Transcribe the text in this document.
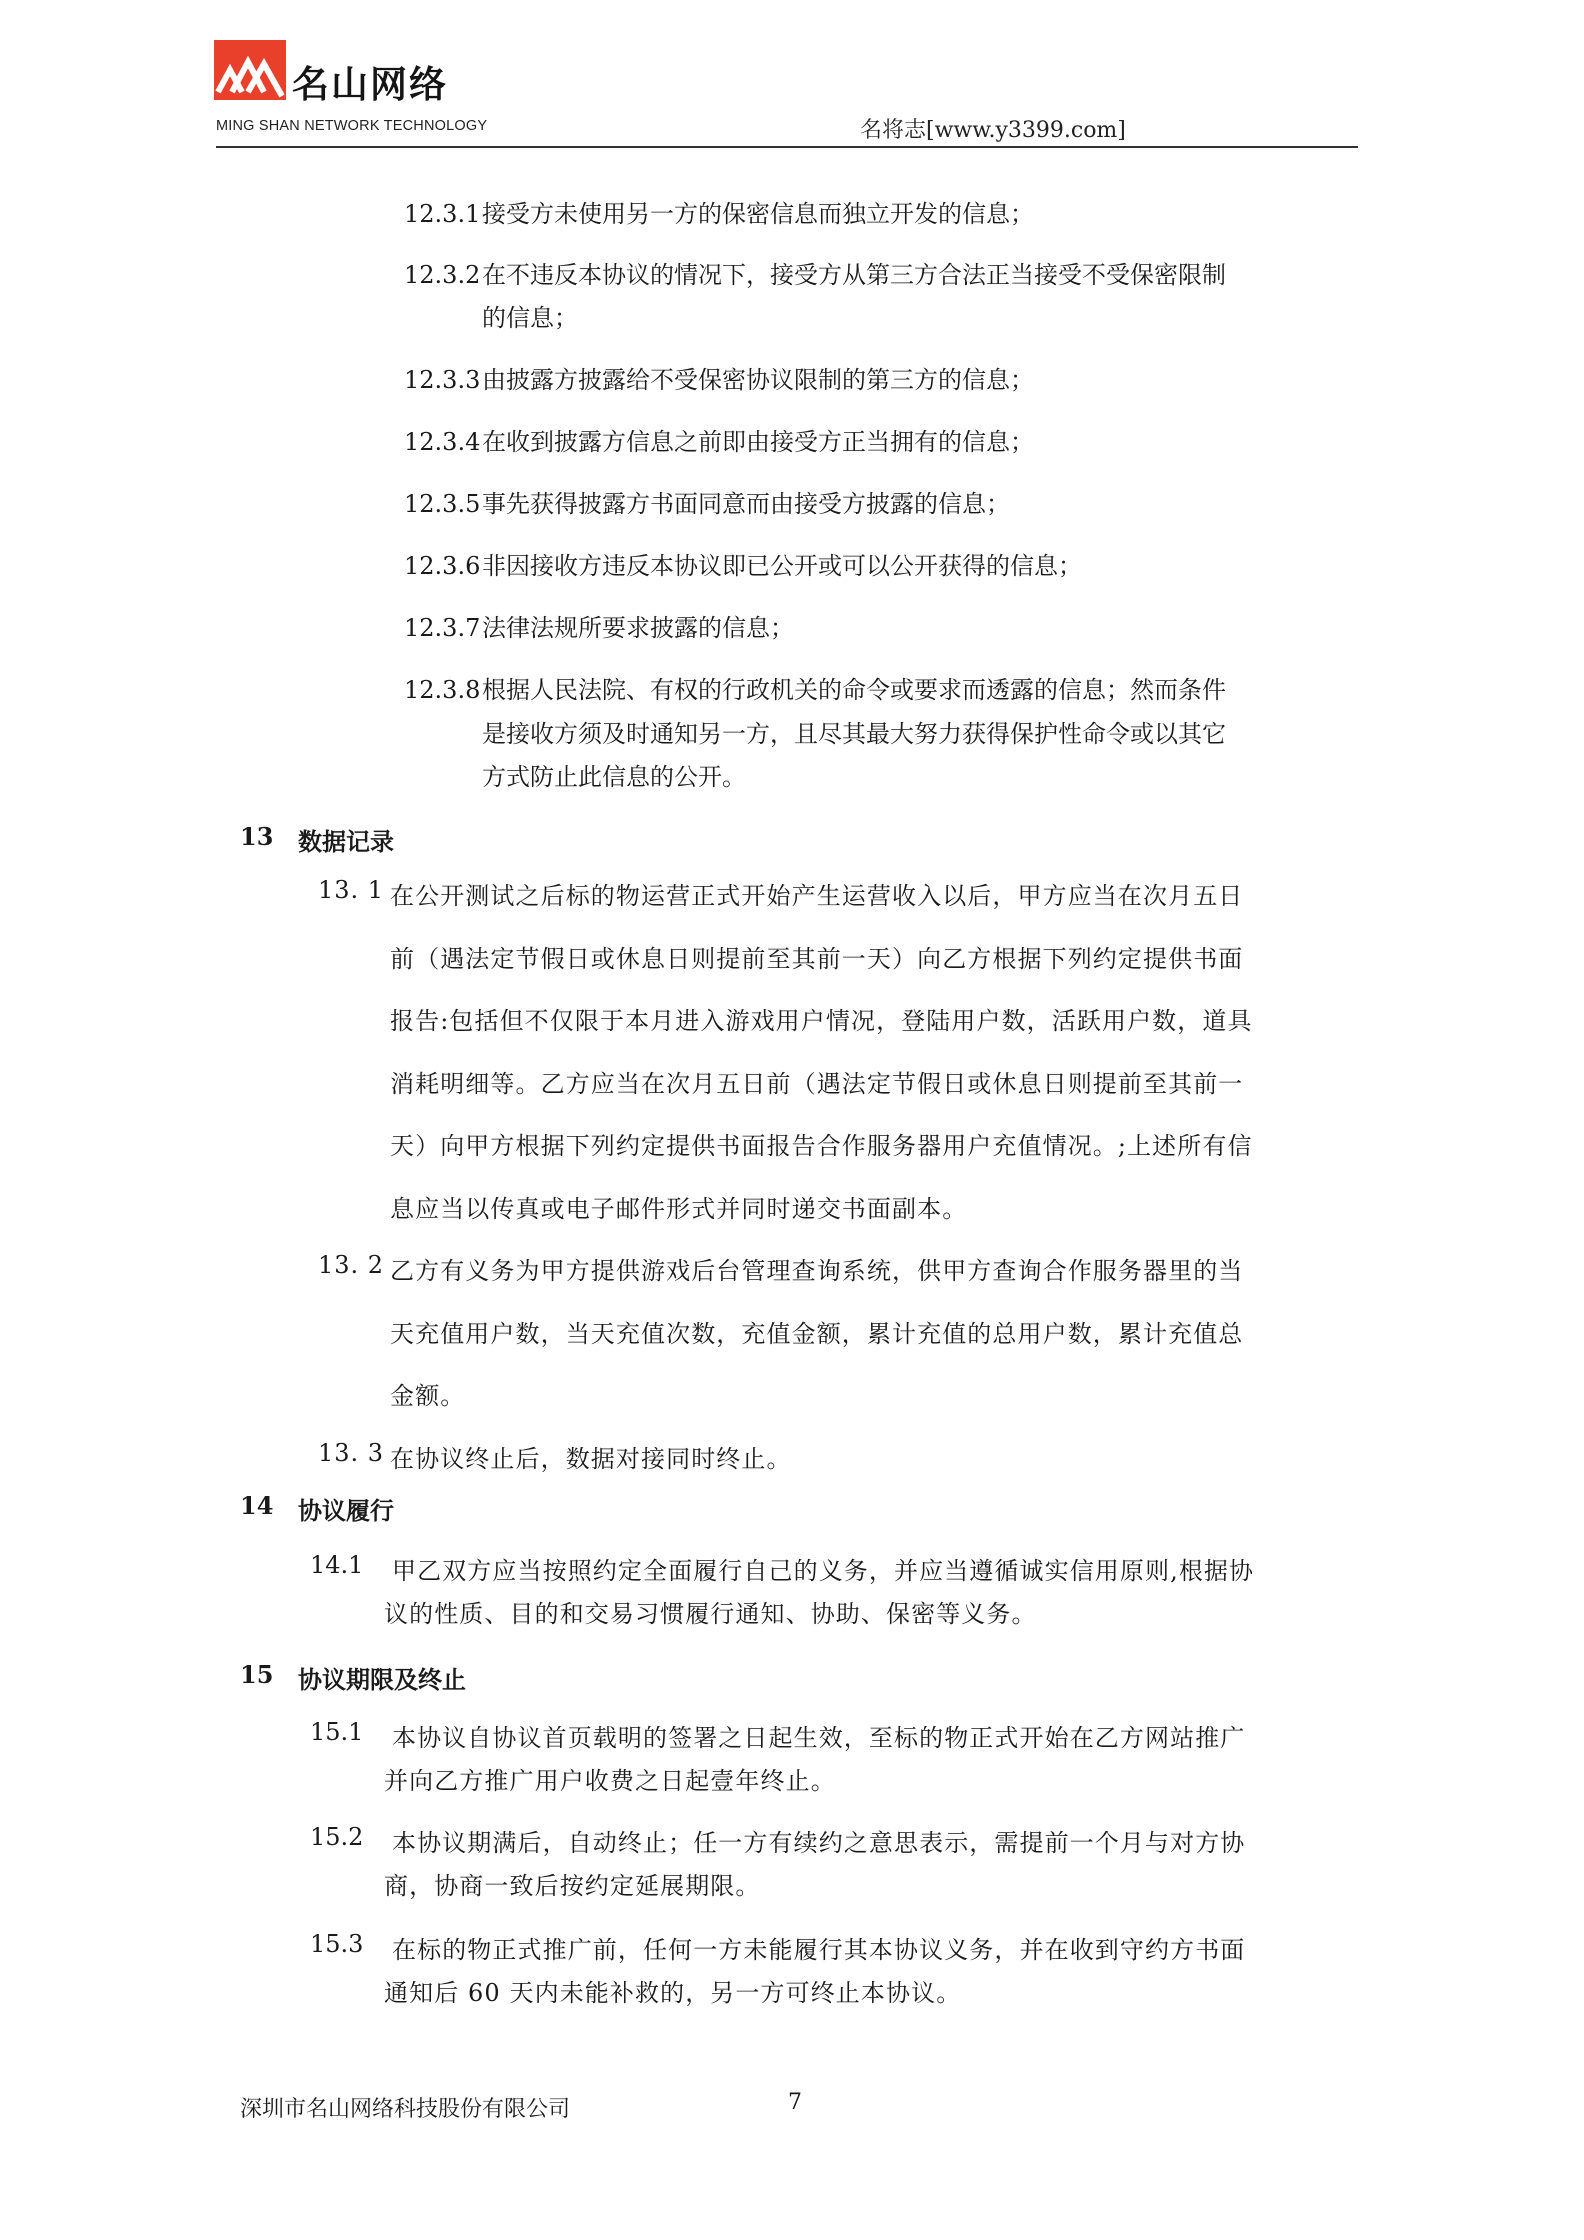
名山网络
MING SHAN NETWORK TECHNOLOGY	名将志[www.y3399.com]
12.3.1 接受方未使用另一方的保密信息而独立开发的信息；
12.3.2 在不违反本协议的情况下，接受方从第三方合法正当接受不受保密限制
的信息；
12.3.3 由披露方披露给不受保密协议限制的第三方的信息；
12.3.4 在收到披露方信息之前即由接受方正当拥有的信息；
12.3.5 事先获得披露方书面同意而由接受方披露的信息；
12.3.6 非因接收方违反本协议即已公开或可以公开获得的信息；
12.3.7 法律法规所要求披露的信息；
12.3.8 根据人民法院、有权的行政机关的命令或要求而透露的信息；然而条件
是接收方须及时通知另一方，且尽其最大努力获得保护性命令或以其它
方式防止此信息的公开。
13 数据记录
13. 1 在公开测试之后标的物运营正式开始产生运营收入以后，甲方应当在次月五日
前（遇法定节假日或休息日则提前至其前一天）向乙方根据下列约定提供书面
报告:包括但不仅限于本月进入游戏用户情况，登陆用户数，活跃用户数，道具
消耗明细等。乙方应当在次月五日前（遇法定节假日或休息日则提前至其前一
天）向甲方根据下列约定提供书面报告合作服务器用户充值情况。;上述所有信
息应当以传真或电子邮件形式并同时递交书面副本。
13. 2 乙方有义务为甲方提供游戏后台管理查询系统，供甲方查询合作服务器里的当
天充值用户数，当天充值次数，充值金额，累计充值的总用户数，累计充值总
金额。
13. 3 在协议终止后，数据对接同时终止。
14 协议履行
14.1 甲乙双方应当按照约定全面履行自己的义务，并应当遵循诚实信用原则,根据协
议的性质、目的和交易习惯履行通知、协助、保密等义务。
15 协议期限及终止
15.1 本协议自协议首页载明的签署之日起生效，至标的物正式开始在乙方网站推广
并向乙方推广用户收费之日起壹年终止。
15.2 本协议期满后，自动终止；任一方有续约之意思表示，需提前一个月与对方协
商，协商一致后按约定延展期限。
15.3 在标的物正式推广前，任何一方未能履行其本协议义务，并在收到守约方书面
通知后 60 天内未能补救的，另一方可终止本协议。
深圳市名山网络科技股份有限公司	7
